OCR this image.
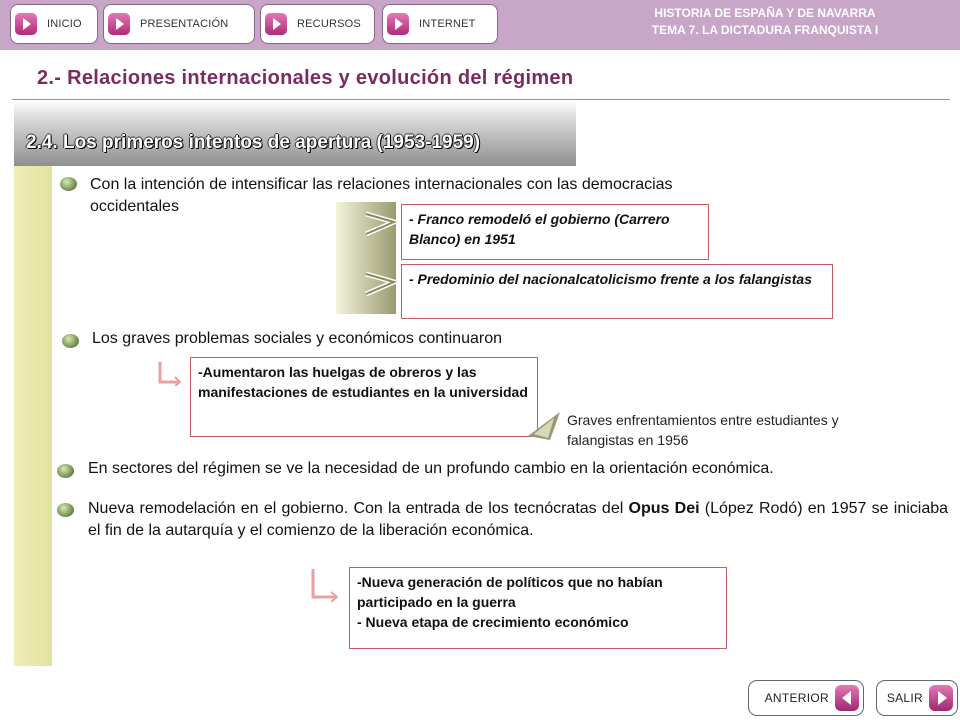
INICIO	PRESENTACIÓN	RECURSOS	INTERNET
HISTORIA DE ESPAÑA Y DE NAVARRA
TEMA 7. LA DICTADURA FRANQUISTA I
2.- Relaciones internacionales y evolución del régimen
2.4. Los primeros intentos de apertura (1953-1959)
Con la intención de intensificar las relaciones internacionales con las democracias occidentales
- Franco remodeló el gobierno (Carrero Blanco) en 1951
- Predominio del nacionalcatolicismo frente a los falangistas
Los graves problemas sociales y económicos continuaron
-Aumentaron las huelgas de obreros y las manifestaciones de estudiantes en la universidad
Graves enfrentamientos entre estudiantes y falangistas en 1956
En sectores del régimen se ve la necesidad de un profundo cambio en la orientación económica.
Nueva remodelación en el gobierno. Con la entrada de los tecnócratas del Opus Dei (López Rodó) en 1957 se iniciaba el fin de la autarquía y el comienzo de la liberación económica.
-Nueva generación de políticos que no habían participado en la guerra
- Nueva etapa de crecimiento económico
ANTERIOR	SALIR
